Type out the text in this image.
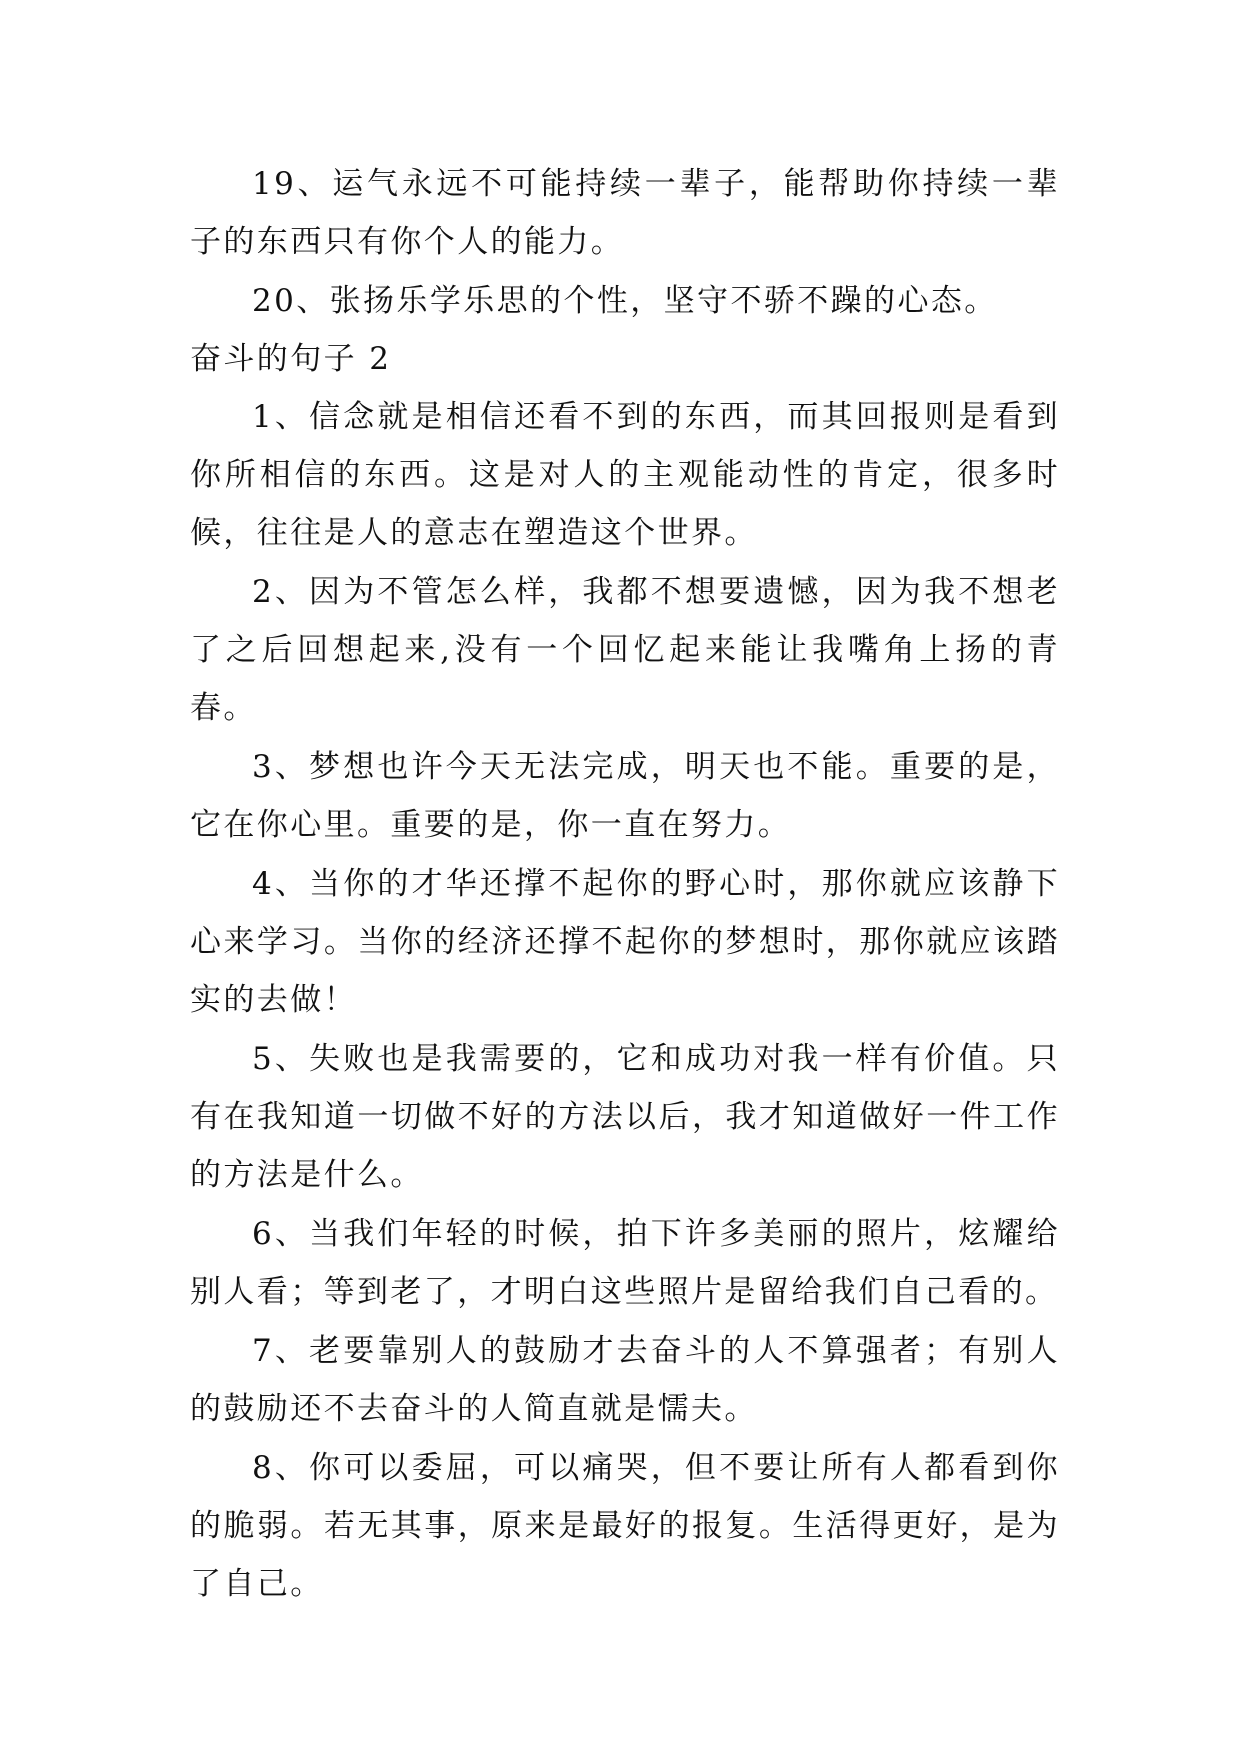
19、运气永远不可能持续一辈子，能帮助你持续一辈子的东西只有你个人的能力。

20、张扬乐学乐思的个性，坚守不骄不躁的心态。

奋斗的句子 2

1、信念就是相信还看不到的东西，而其回报则是看到你所相信的东西。这是对人的主观能动性的肯定，很多时候，往往是人的意志在塑造这个世界。

2、因为不管怎么样，我都不想要遗憾，因为我不想老了之后回想起来,没有一个回忆起来能让我嘴角上扬的青春。

3、梦想也许今天无法完成，明天也不能。重要的是，它在你心里。重要的是，你一直在努力。

4、当你的才华还撑不起你的野心时，那你就应该静下心来学习。当你的经济还撑不起你的梦想时，那你就应该踏实的去做！

5、失败也是我需要的，它和成功对我一样有价值。只有在我知道一切做不好的方法以后，我才知道做好一件工作的方法是什么。

6、当我们年轻的时候，拍下许多美丽的照片，炫耀给别人看；等到老了，才明白这些照片是留给我们自己看的。

7、老要靠别人的鼓励才去奋斗的人不算强者；有别人的鼓励还不去奋斗的人简直就是懦夫。

8、你可以委屈，可以痛哭，但不要让所有人都看到你的脆弱。若无其事，原来是最好的报复。生活得更好，是为了自己。
